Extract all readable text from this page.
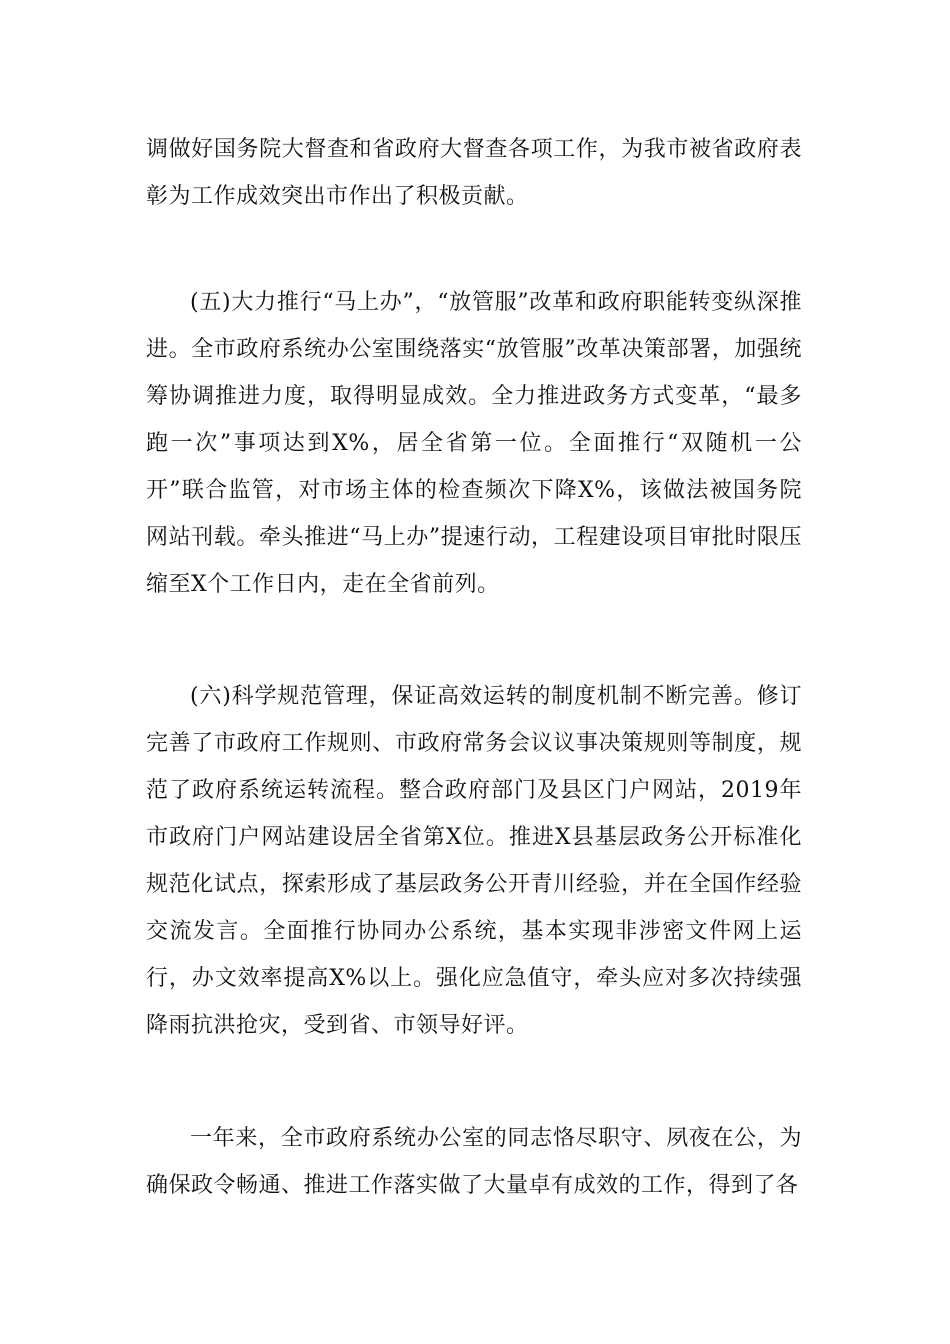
调做好国务院大督查和省政府大督查各项工作，为我市被省政府表彰为工作成效突出市作出了积极贡献。

(五)大力推行“马上办”，“放管服”改革和政府职能转变纵深推进。全市政府系统办公室围绕落实“放管服”改革决策部署，加强统筹协调推进力度，取得明显成效。全力推进政务方式变革，“最多跑一次”事项达到X%，居全省第一位。全面推行“双随机一公开”联合监管，对市场主体的检查频次下降X%，该做法被国务院网站刊载。牵头推进“马上办”提速行动，工程建设项目审批时限压缩至X个工作日内，走在全省前列。

(六)科学规范管理，保证高效运转的制度机制不断完善。修订完善了市政府工作规则、市政府常务会议议事决策规则等制度，规范了政府系统运转流程。整合政府部门及县区门户网站，2019年市政府门户网站建设居全省第X位。推进X县基层政务公开标准化规范化试点，探索形成了基层政务公开青川经验，并在全国作经验交流发言。全面推行协同办公系统，基本实现非涉密文件网上运行，办文效率提高X%以上。强化应急值守，牵头应对多次持续强降雨抗洪抢灾，受到省、市领导好评。

一年来，全市政府系统办公室的同志恪尽职守、夙夜在公，为确保政令畅通、推进工作落实做了大量卓有成效的工作，得到了各
